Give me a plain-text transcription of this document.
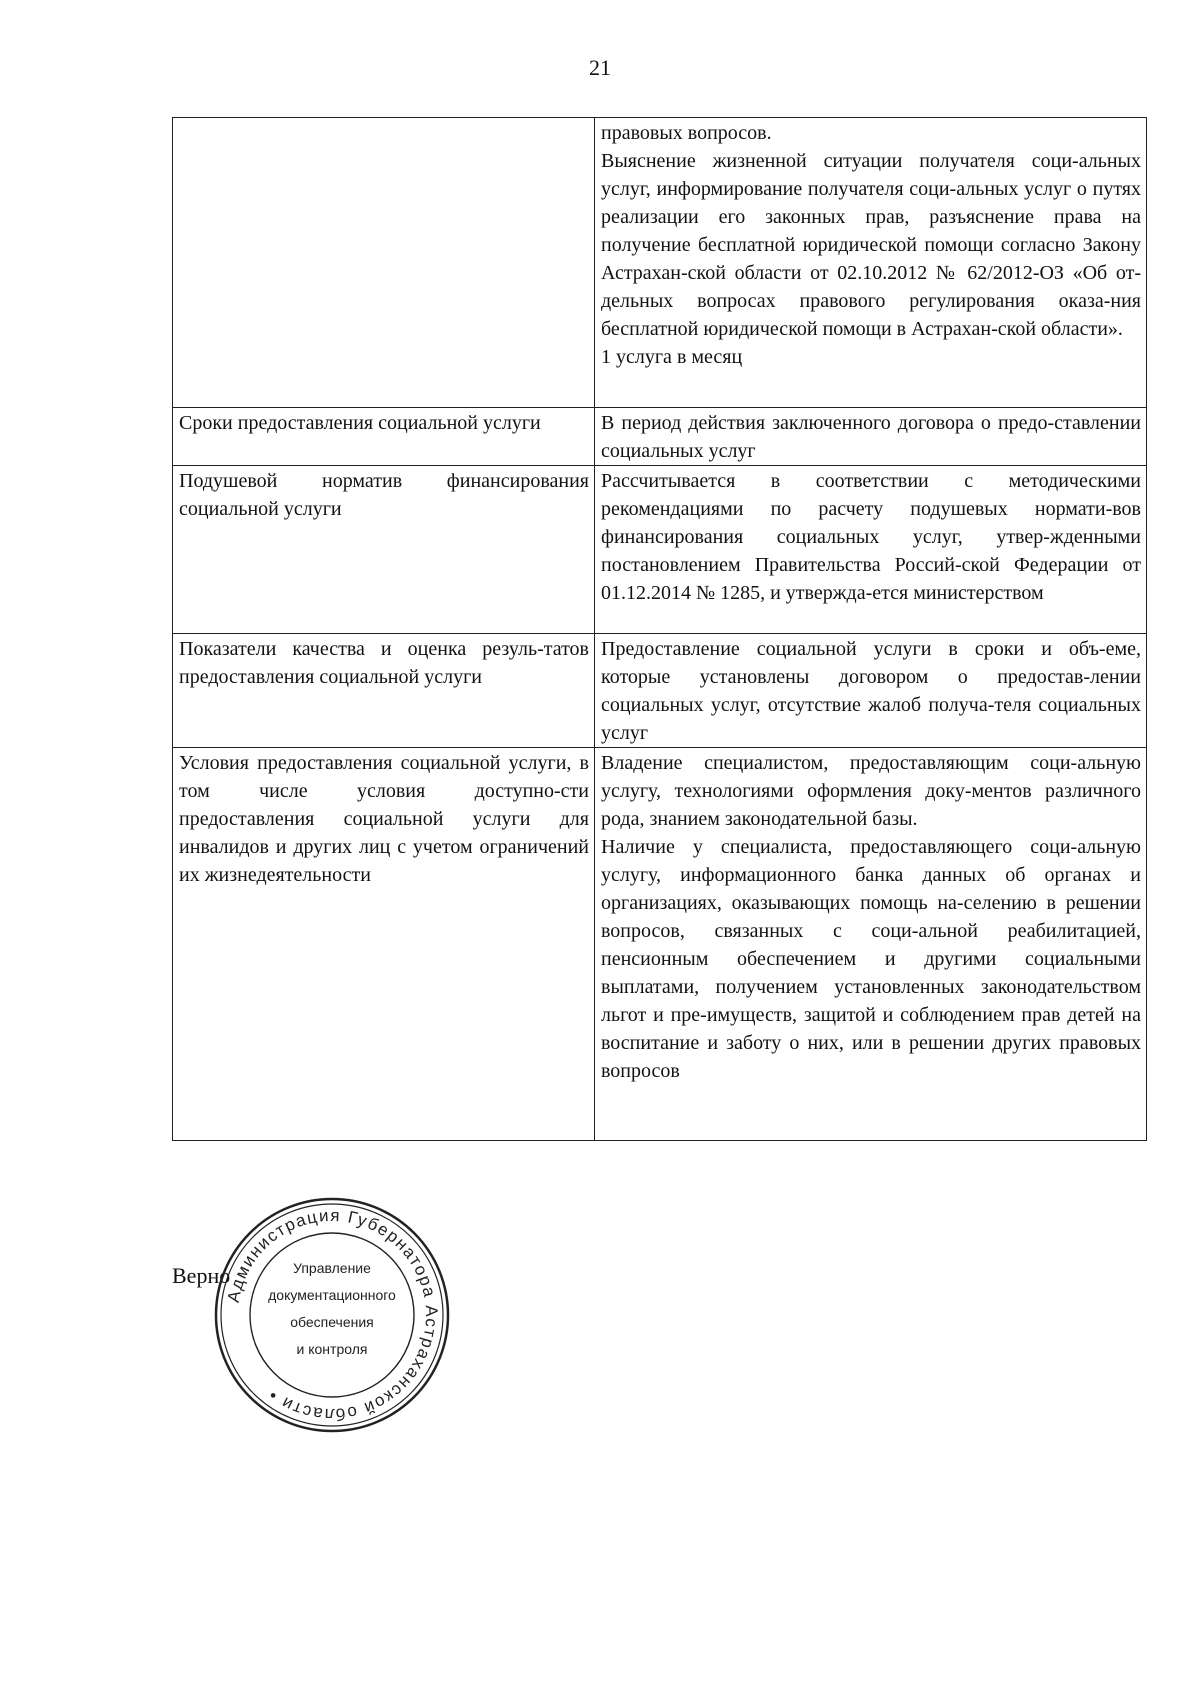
21

	правовых вопросов.

Выяснение жизненной ситуации получателя соци-альных услуг, информирование получателя соци-альных услуг о путях реализации его законных прав, разъяснение права на получение бесплатной юридической помощи согласно Закону Астрахан-ской области от 02.10.2012 № 62/2012-ОЗ «Об от-дельных вопросах правового регулирования оказа-ния бесплатной юридической помощи в Астрахан-ской области».

1 услуга в месяц

Сроки предоставления социальной услуги	В период действия заключенного договора о предо-ставлении социальных услуг

Подушевой норматив финансирования социальной услуги	Рассчитывается в соответствии с методическими рекомендациями по расчету подушевых нормати-вов финансирования социальных услуг, утвер-жденными постановлением Правительства Россий-ской Федерации от 01.12.2014 № 1285, и утвержда-ется министерством

Показатели качества и оценка резуль-татов предоставления социальной услуги	Предоставление социальной услуги в сроки и объ-еме, которые установлены договором о предостав-лении социальных услуг, отсутствие жалоб получа-теля социальных услуг

Условия предоставления социальной услуги, в том числе условия доступно-сти предоставления социальной услуги для инвалидов и других лиц с учетом ограничений их жизнедеятельности	Владение специалистом, предоставляющим соци-альную услугу, технологиями оформления доку-ментов различного рода, знанием законодательной базы.

Наличие у специалиста, предоставляющего соци-альную услугу, информационного банка данных об органах и организациях, оказывающих помощь на-селению в решении вопросов, связанных с соци-альной реабилитацией, пенсионным обеспечением и другими социальными выплатами, получением установленных законодательством льгот и пре-имуществ, защитой и соблюдением прав детей на воспитание и заботу о них, или в решении других правовых вопросов

Верно
Администрация Губернатора Астраханской области •
Управление
документационного
обеспечения
и контроля
